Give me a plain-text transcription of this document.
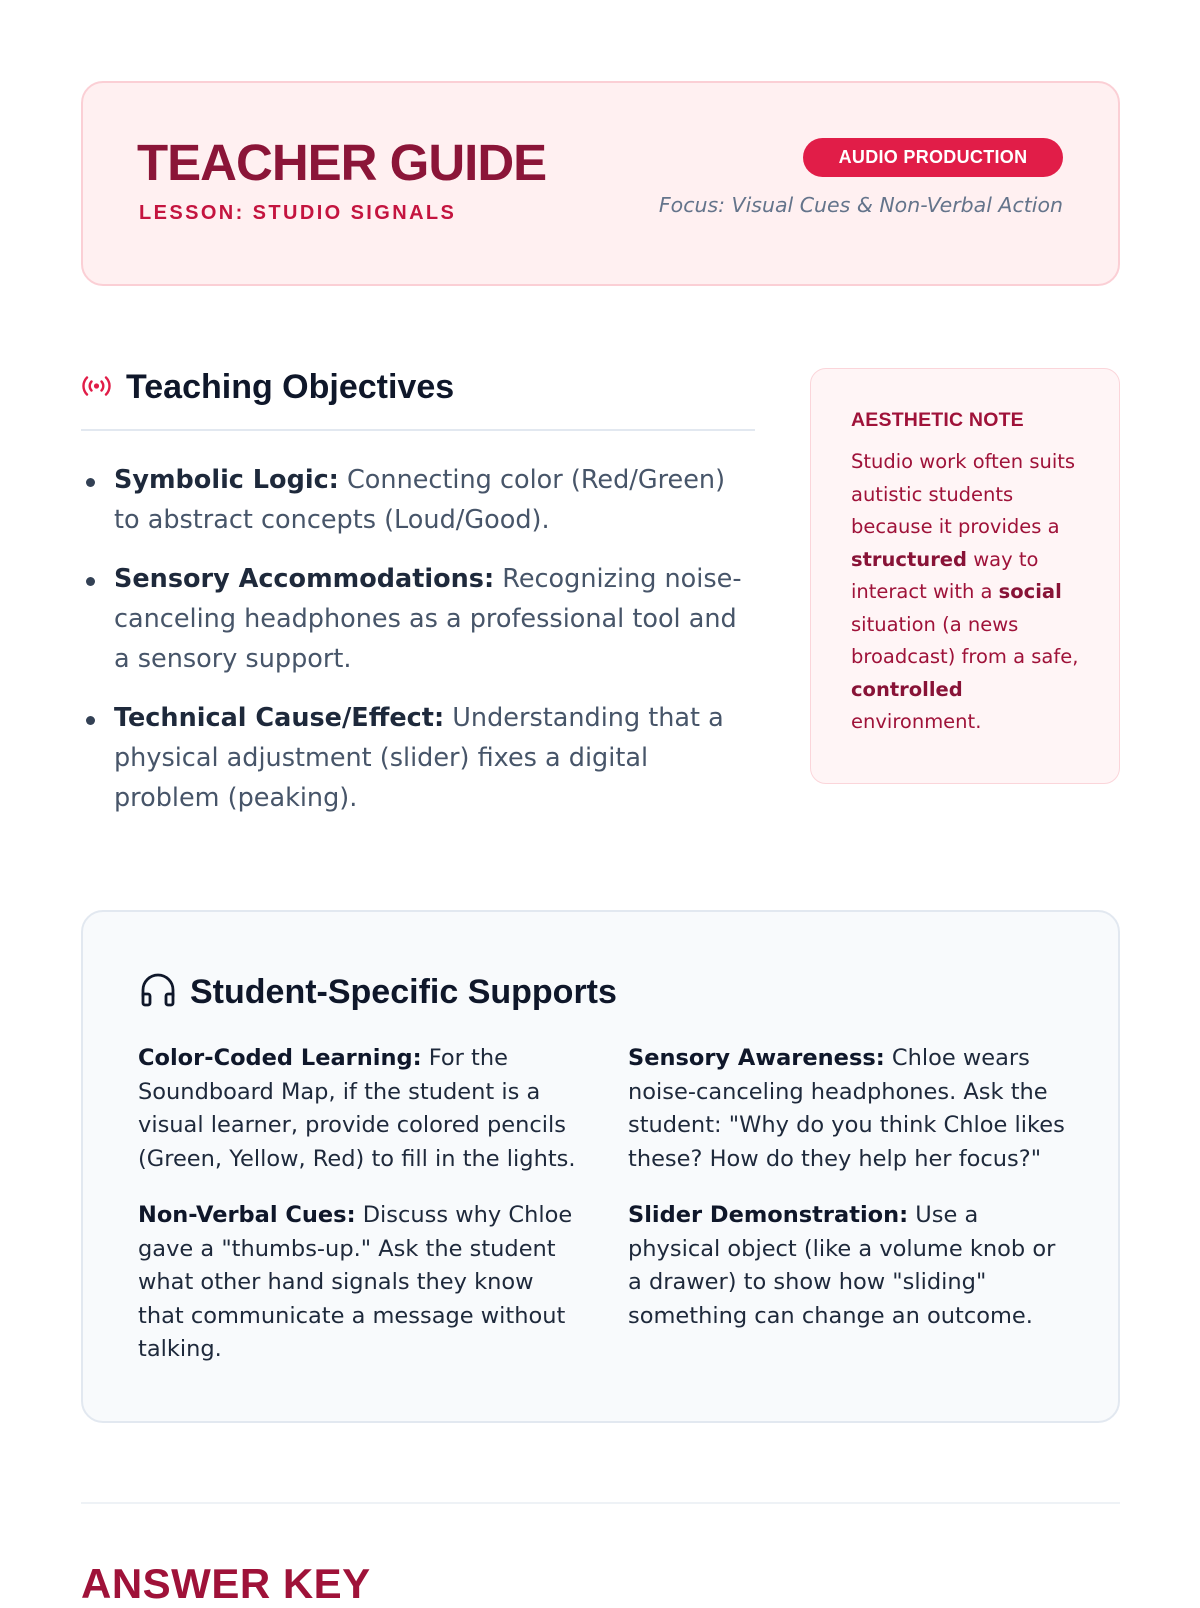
TEACHER GUIDE
LESSON: STUDIO SIGNALS
AUDIO PRODUCTION
Focus: Visual Cues & Non-Verbal Action
Teaching Objectives
Symbolic Logic: Connecting color (Red/Green) to abstract concepts (Loud/Good).
Sensory Accommodations: Recognizing noise-canceling headphones as a professional tool and a sensory support.
Technical Cause/Effect: Understanding that a physical adjustment (slider) fixes a digital problem (peaking).
AESTHETIC NOTE
Studio work often suits autistic students because it provides a structured way to interact with a social situation (a news broadcast) from a safe, controlled environment.
Student-Specific Supports

Color-Coded Learning: For the Soundboard Map, if the student is a visual learner, provide colored pencils (Green, Yellow, Red) to fill in the lights.

Sensory Awareness: Chloe wears noise-canceling headphones. Ask the student: "Why do you think Chloe likes these? How do they help her focus?"

Non-Verbal Cues: Discuss why Chloe gave a "thumbs-up." Ask the student what other hand signals they know that communicate a message without talking.

Slider Demonstration: Use a physical object (like a volume knob or a drawer) to show how "sliding" something can change an outcome.

ANSWER KEY
